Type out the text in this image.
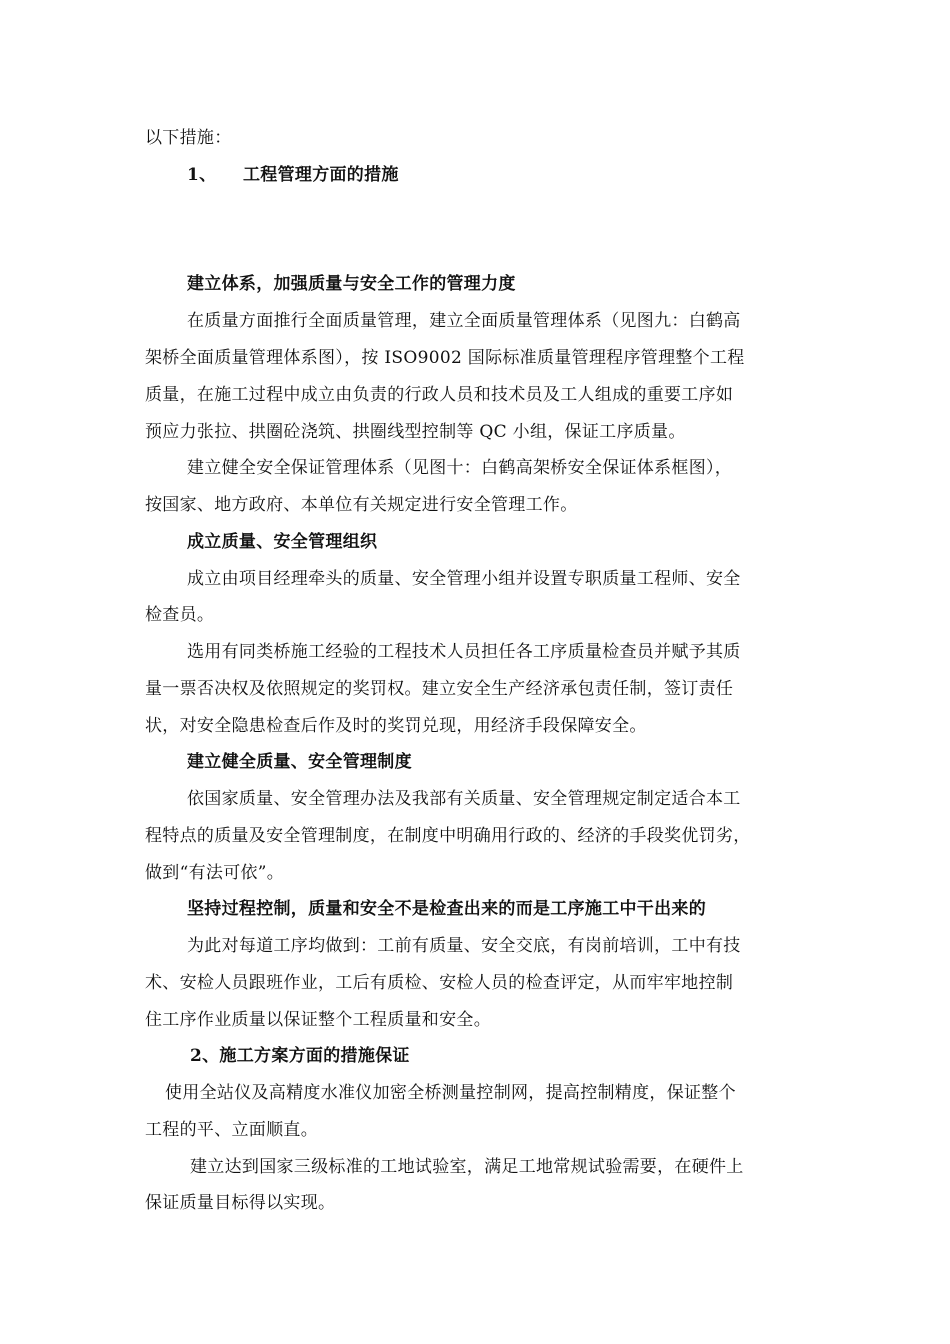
以下措施：
1、 工程管理方面的措施
建立体系，加强质量与安全工作的管理力度
在质量方面推行全面质量管理，建立全面质量管理体系（见图九：白鹤高
架桥全面质量管理体系图），按 ISO9002 国际标准质量管理程序管理整个工程
质量，在施工过程中成立由负责的行政人员和技术员及工人组成的重要工序如
预应力张拉、拱圈砼浇筑、拱圈线型控制等 QC 小组，保证工序质量。
建立健全安全保证管理体系（见图十：白鹤高架桥安全保证体系框图），
按国家、地方政府、本单位有关规定进行安全管理工作。
成立质量、安全管理组织
成立由项目经理牵头的质量、安全管理小组并设置专职质量工程师、安全
检查员。
选用有同类桥施工经验的工程技术人员担任各工序质量检查员并赋予其质
量一票否决权及依照规定的奖罚权。建立安全生产经济承包责任制，签订责任
状，对安全隐患检查后作及时的奖罚兑现，用经济手段保障安全。
建立健全质量、安全管理制度
依国家质量、安全管理办法及我部有关质量、安全管理规定制定适合本工
程特点的质量及安全管理制度，在制度中明确用行政的、经济的手段奖优罚劣，
做到“有法可依”。
坚持过程控制，质量和安全不是检查出来的而是工序施工中干出来的
为此对每道工序均做到：工前有质量、安全交底，有岗前培训，工中有技
术、安检人员跟班作业，工后有质检、安检人员的检查评定，从而牢牢地控制
住工序作业质量以保证整个工程质量和安全。
2、施工方案方面的措施保证
使用全站仪及高精度水准仪加密全桥测量控制网，提高控制精度，保证整个
工程的平、立面顺直。
建立达到国家三级标准的工地试验室，满足工地常规试验需要，在硬件上
保证质量目标得以实现。
